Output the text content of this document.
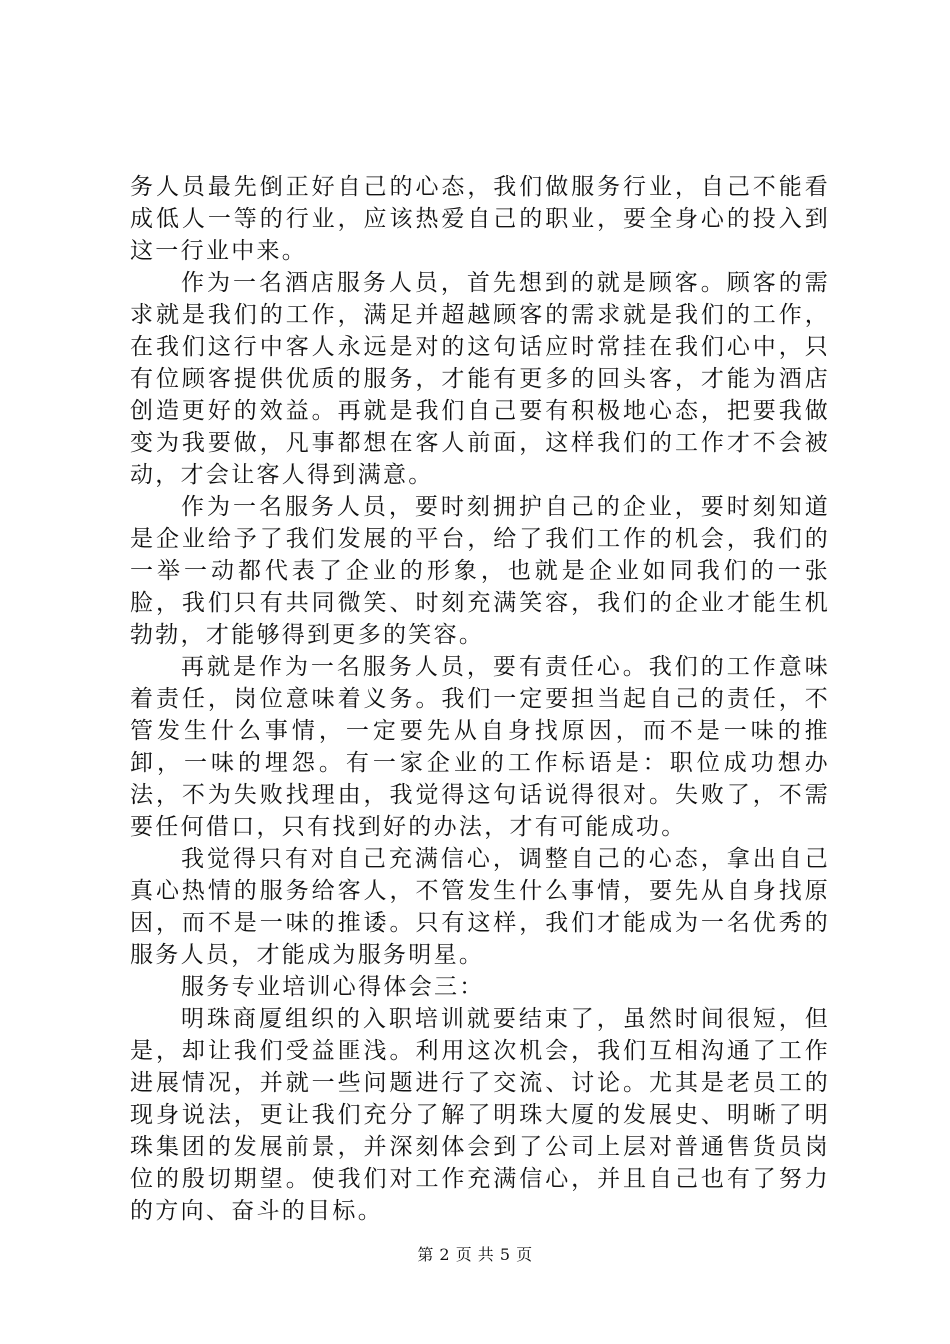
务人员最先倒正好自己的心态，我们做服务行业，自己不能看成低人一等的行业，应该热爱自己的职业，要全身心的投入到这一行业中来。

作为一名酒店服务人员，首先想到的就是顾客。顾客的需求就是我们的工作，满足并超越顾客的需求就是我们的工作，在我们这行中客人永远是对的这句话应时常挂在我们心中，只有位顾客提供优质的服务，才能有更多的回头客，才能为酒店创造更好的效益。再就是我们自己要有积极地心态，把要我做变为我要做，凡事都想在客人前面，这样我们的工作才不会被动，才会让客人得到满意。

作为一名服务人员，要时刻拥护自己的企业，要时刻知道是企业给予了我们发展的平台，给了我们工作的机会，我们的一举一动都代表了企业的形象，也就是企业如同我们的一张脸，我们只有共同微笑、时刻充满笑容，我们的企业才能生机勃勃，才能够得到更多的笑容。

再就是作为一名服务人员，要有责任心。我们的工作意味着责任，岗位意味着义务。我们一定要担当起自己的责任，不管发生什么事情，一定要先从自身找原因，而不是一味的推卸，一味的埋怨。有一家企业的工作标语是：职位成功想办法，不为失败找理由，我觉得这句话说得很对。失败了，不需要任何借口，只有找到好的办法，才有可能成功。

我觉得只有对自己充满信心，调整自己的心态，拿出自己真心热情的服务给客人，不管发生什么事情，要先从自身找原因，而不是一味的推诿。只有这样，我们才能成为一名优秀的服务人员，才能成为服务明星。

服务专业培训心得体会三：

明珠商厦组织的入职培训就要结束了，虽然时间很短，但是，却让我们受益匪浅。利用这次机会，我们互相沟通了工作进展情况，并就一些问题进行了交流、讨论。尤其是老员工的现身说法，更让我们充分了解了明珠大厦的发展史、明晰了明珠集团的发展前景，并深刻体会到了公司上层对普通售货员岗位的殷切期望。使我们对工作充满信心，并且自己也有了努力的方向、奋斗的目标。

第 2 页 共 5 页
